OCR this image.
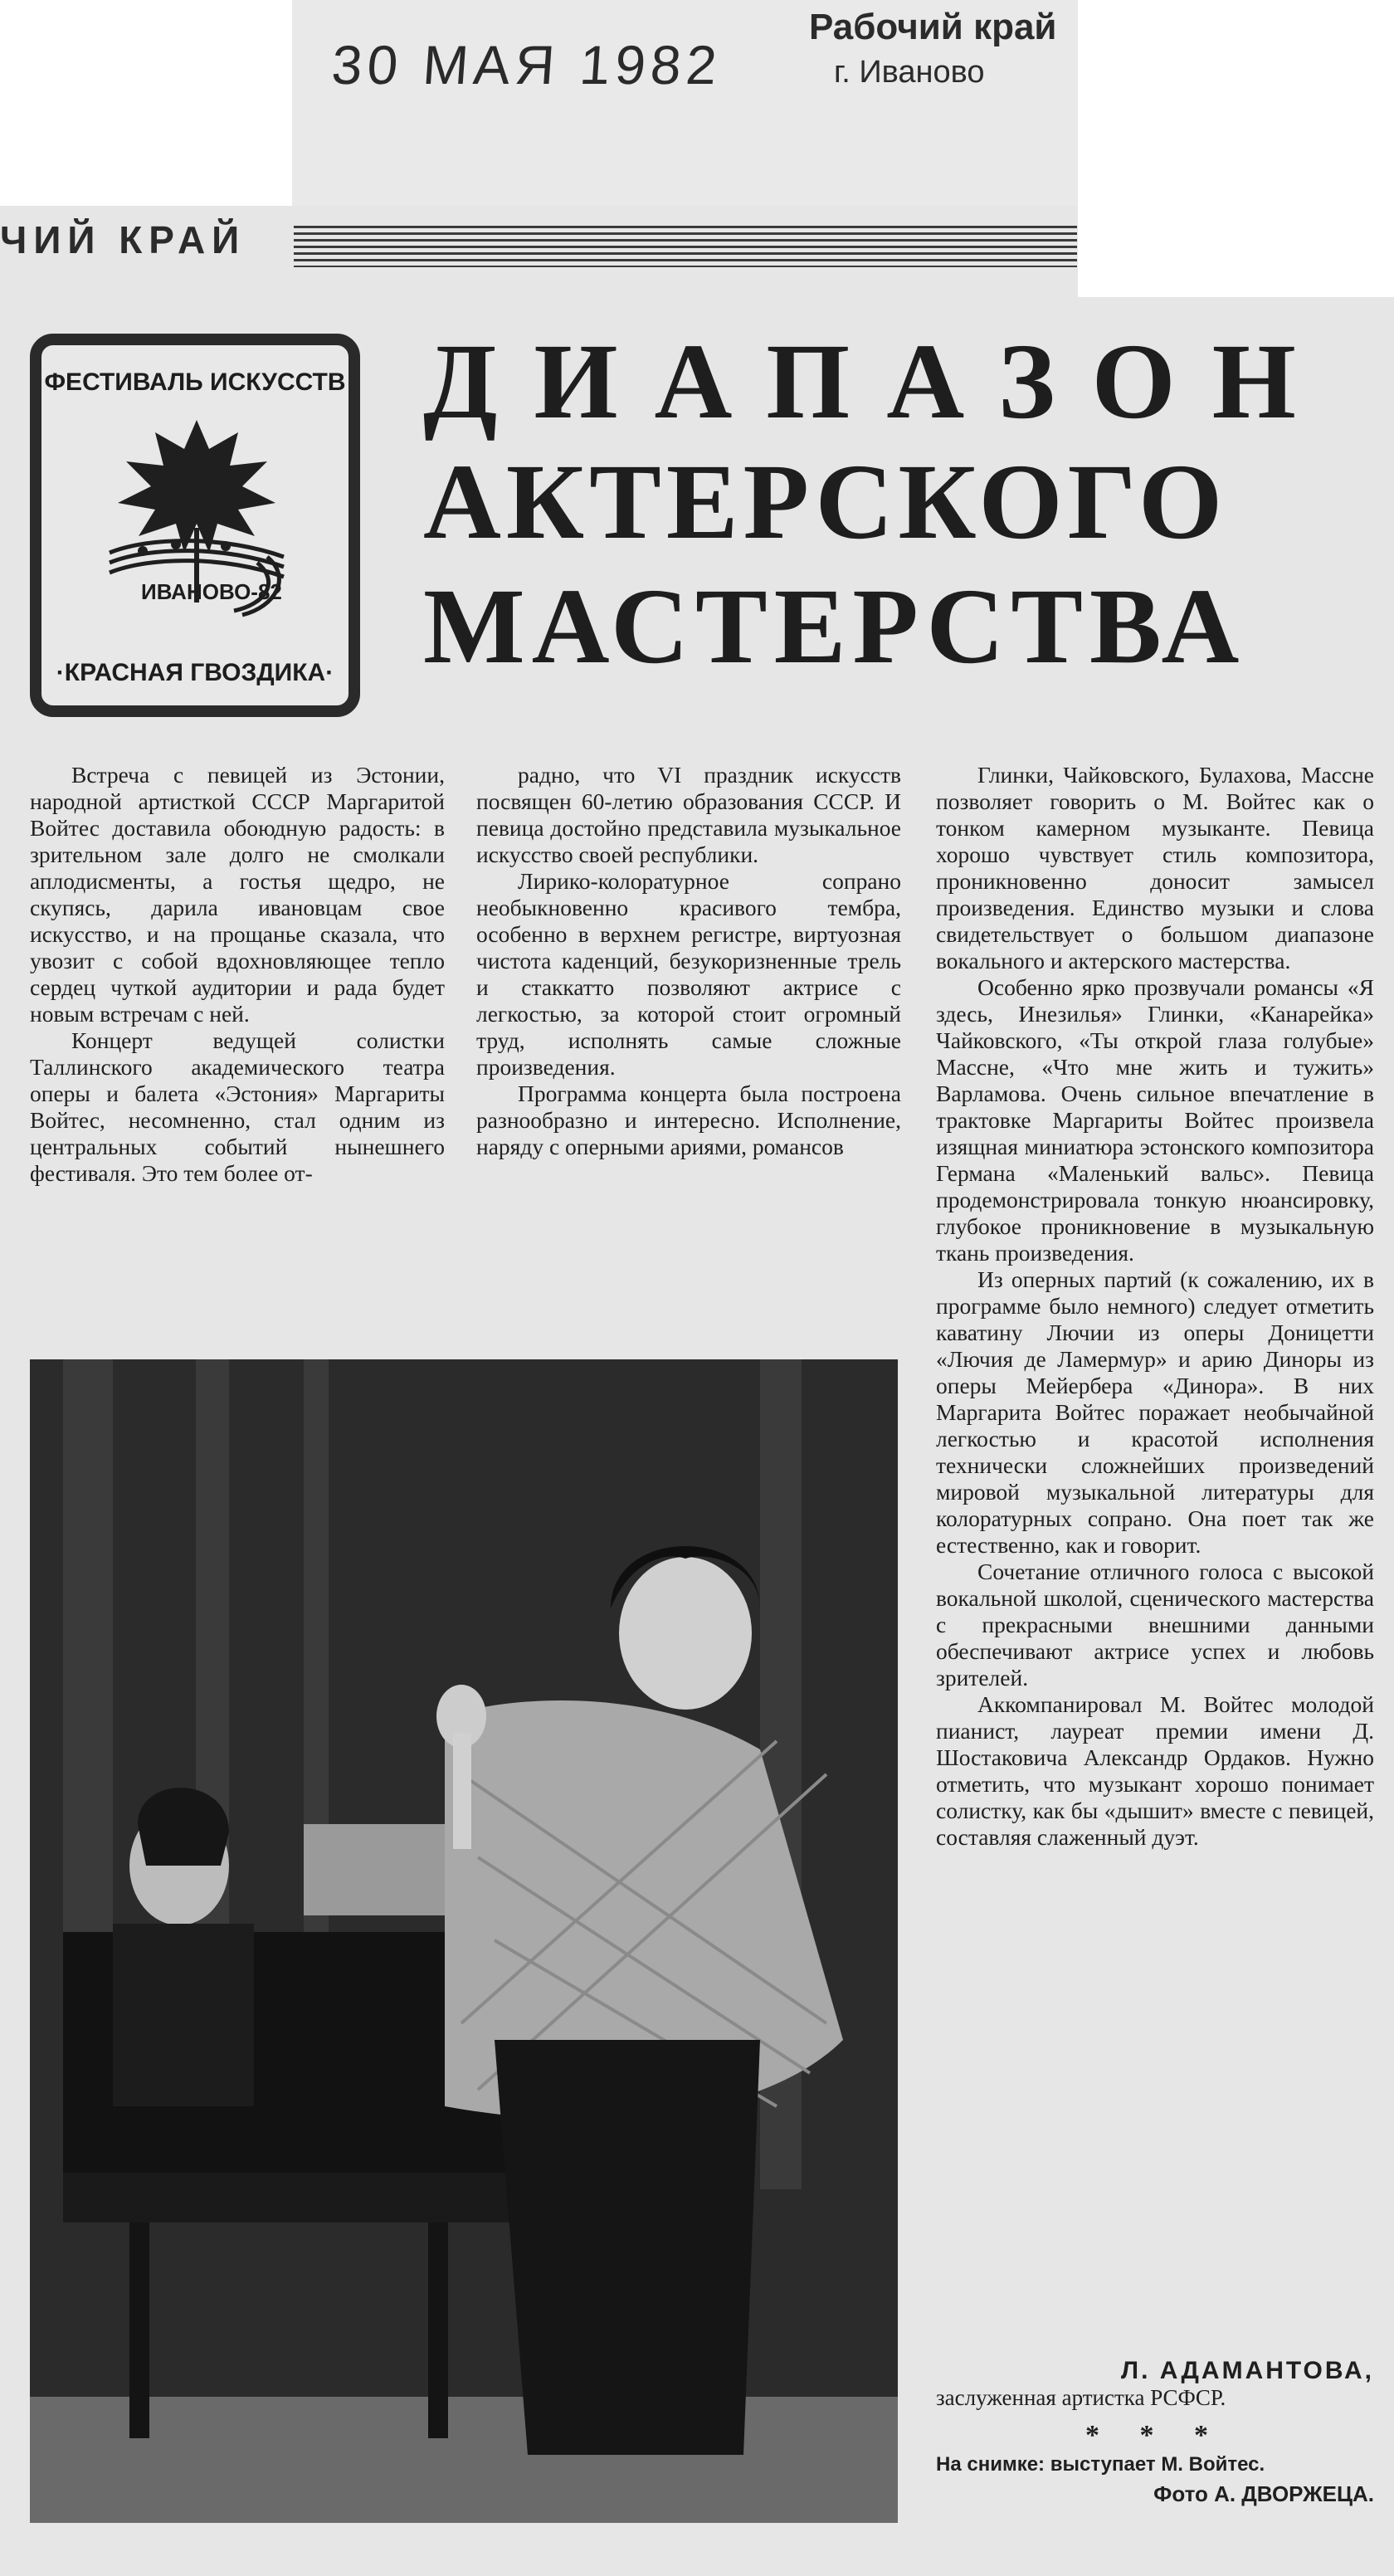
30 МАЯ 1982
Рабочий край
г. Иваново
ЧИЙ КРАЙ
ФЕСТИВАЛЬ ИСКУССТВ
ИВАНОВО-82
·КРАСНАЯ ГВОЗДИКА·
ДИАПАЗОН
АКТЕРСКОГО
МАСТЕРСТВА

Встреча с певицей из Эстонии, народной артисткой СССР Маргаритой Войтес доставила обоюдную радость: в зрительном зале долго не смолкали аплодисменты, а гостья щедро, не скупясь, дарила ивановцам свое искусство, и на прощанье сказала, что увозит с собой вдохновляющее тепло сердец чуткой аудитории и рада будет новым встречам с ней.

Концерт ведущей солистки Таллинского академического театра оперы и балета «Эстония» Маргариты Войтес, несомненно, стал одним из центральных событий нынешнего фестиваля. Это тем более от-

радно, что VI праздник искусств посвящен 60-летию образования СССР. И певица достойно представила музыкальное искусство своей республики.

Лирико-колоратурное сопрано необыкновенно красивого тембра, особенно в верхнем регистре, виртуозная чистота каденций, безукоризненные трель и стаккатто позволяют актрисе с легкостью, за которой стоит огромный труд, исполнять самые сложные произведения.

Программа концерта была построена разнообразно и интересно. Исполнение, наряду с оперными ариями, романсов

Глинки, Чайковского, Булахова, Массне позволяет говорить о М. Войтес как о тонком камерном музыканте. Певица хорошо чувствует стиль композитора, проникновенно доносит замысел произведения. Единство музыки и слова свидетельствует о большом диапазоне вокального и актерского мастерства.

Особенно ярко прозвучали романсы «Я здесь, Инезилья» Глинки, «Канарейка» Чайковского, «Ты открой глаза голубые» Массне, «Что мне жить и тужить» Варламова. Очень сильное впечатление в трактовке Маргариты Войтес произвела изящная миниатюра эстонского композитора Германа «Маленький вальс». Певица продемонстрировала тонкую нюансировку, глубокое проникновение в музыкальную ткань произведения.

Из оперных партий (к сожалению, их в программе было немного) следует отметить каватину Лючии из оперы Доницетти «Лючия де Ламермур» и арию Диноры из оперы Мейербера «Динора». В них Маргарита Войтес поражает необычайной легкостью и красотой исполнения технически сложнейших произведений мировой музыкальной литературы для колоратурных сопрано. Она поет так же естественно, как и говорит.

Сочетание отличного голоса с высокой вокальной школой, сценического мастерства с прекрасными внешними данными обеспечивают актрисе успех и любовь зрителей.

Аккомпанировал М. Войтес молодой пианист, лауреат премии имени Д. Шостаковича Александр Ордаков. Нужно отметить, что музыкант хорошо понимает солистку, как бы «дышит» вместе с певицей, составляя слаженный дуэт.

Л. АДАМАНТОВА,
заслуженная артистка РСФСР.
* * *
На снимке: выступает М. Войтес.
Фото А. ДВОРЖЕЦА.
